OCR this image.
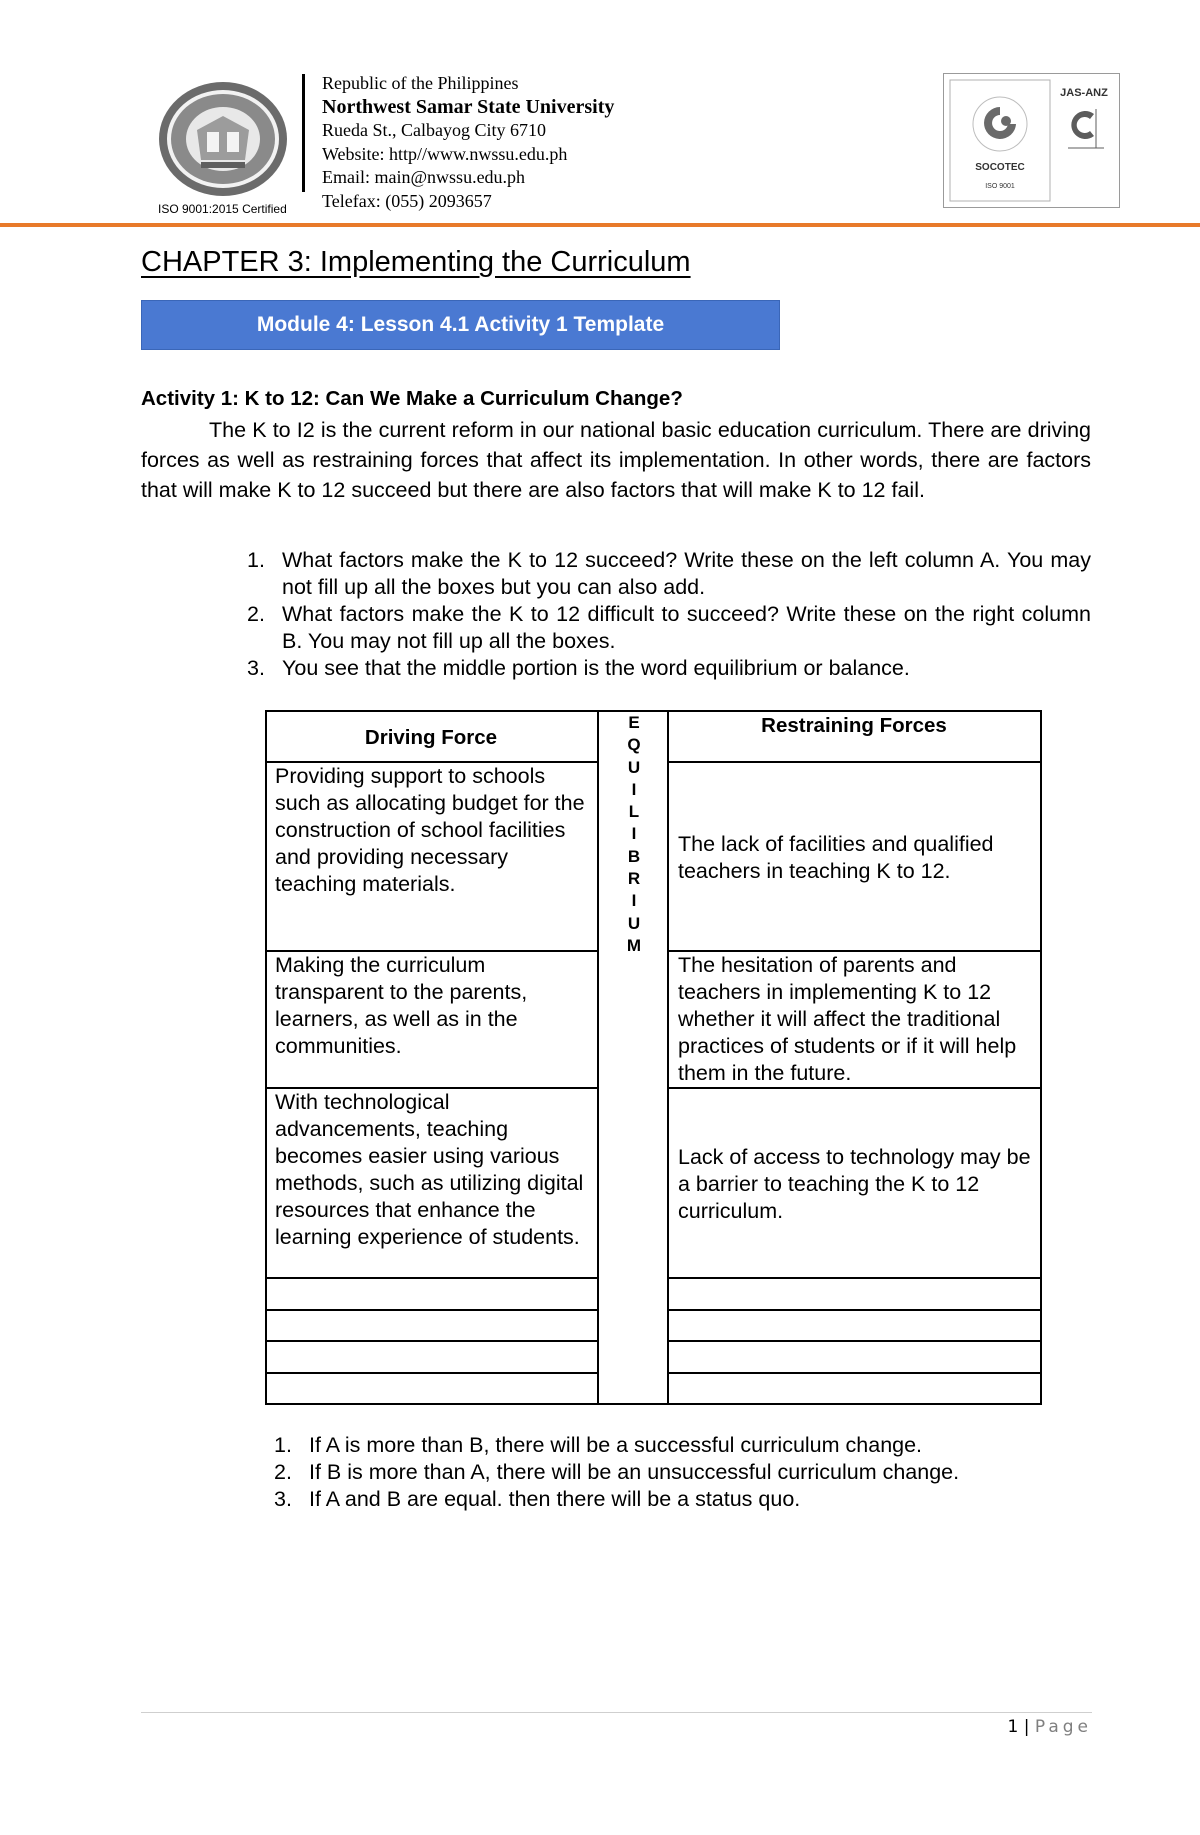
ISO 9001:2015 Certified
Republic of the Philippines
Northwest Samar State University
Rueda St., Calbayog City 6710
Website: http//www.nwssu.edu.ph
Email: main@nwssu.edu.ph
Telefax: (055) 2093657
SOCOTEC
ISO 9001
JAS-ANZ
CHAPTER 3: Implementing the Curriculum
Module 4: Lesson 4.1 Activity 1 Template
Activity 1: K to 12: Can We Make a Curriculum Change?

The K to I2 is the current reform in our national basic education curriculum. There are driving forces as well as restraining forces that affect its implementation. In other words, there are factors that will make K to 12 succeed but there are also factors that will make K to 12 fail.

1. What factors make the K to 12 succeed? Write these on the left column A. You may not fill up all the boxes but you can also add.
2. What factors make the K to 12 difficult to succeed? Write these on the right column B. You may not fill up all the boxes.
3. You see that the middle portion is the word equilibrium or balance.
Driving Force
Restraining Forces
E
Q
U
I
L
I
B
R
I
U
M
Providing support to schools such as allocating budget for the construction of school facilities and providing necessary teaching materials.
Making the curriculum transparent to the parents, learners, as well as in the communities.
With technological advancements, teaching becomes easier using various methods, such as utilizing digital resources that enhance the learning experience of students.
The lack of facilities and qualified teachers in teaching K to 12.
The hesitation of parents and teachers in implementing K to 12 whether it will affect the traditional practices of students or if it will help them in the future.
Lack of access to technology may be a barrier to teaching the K to 12 curriculum.
1. If A is more than B, there will be a successful curriculum change.
2. If B is more than A, there will be an unsuccessful curriculum change.
3. If A and B are equal. then there will be a status quo.
1 | Page
